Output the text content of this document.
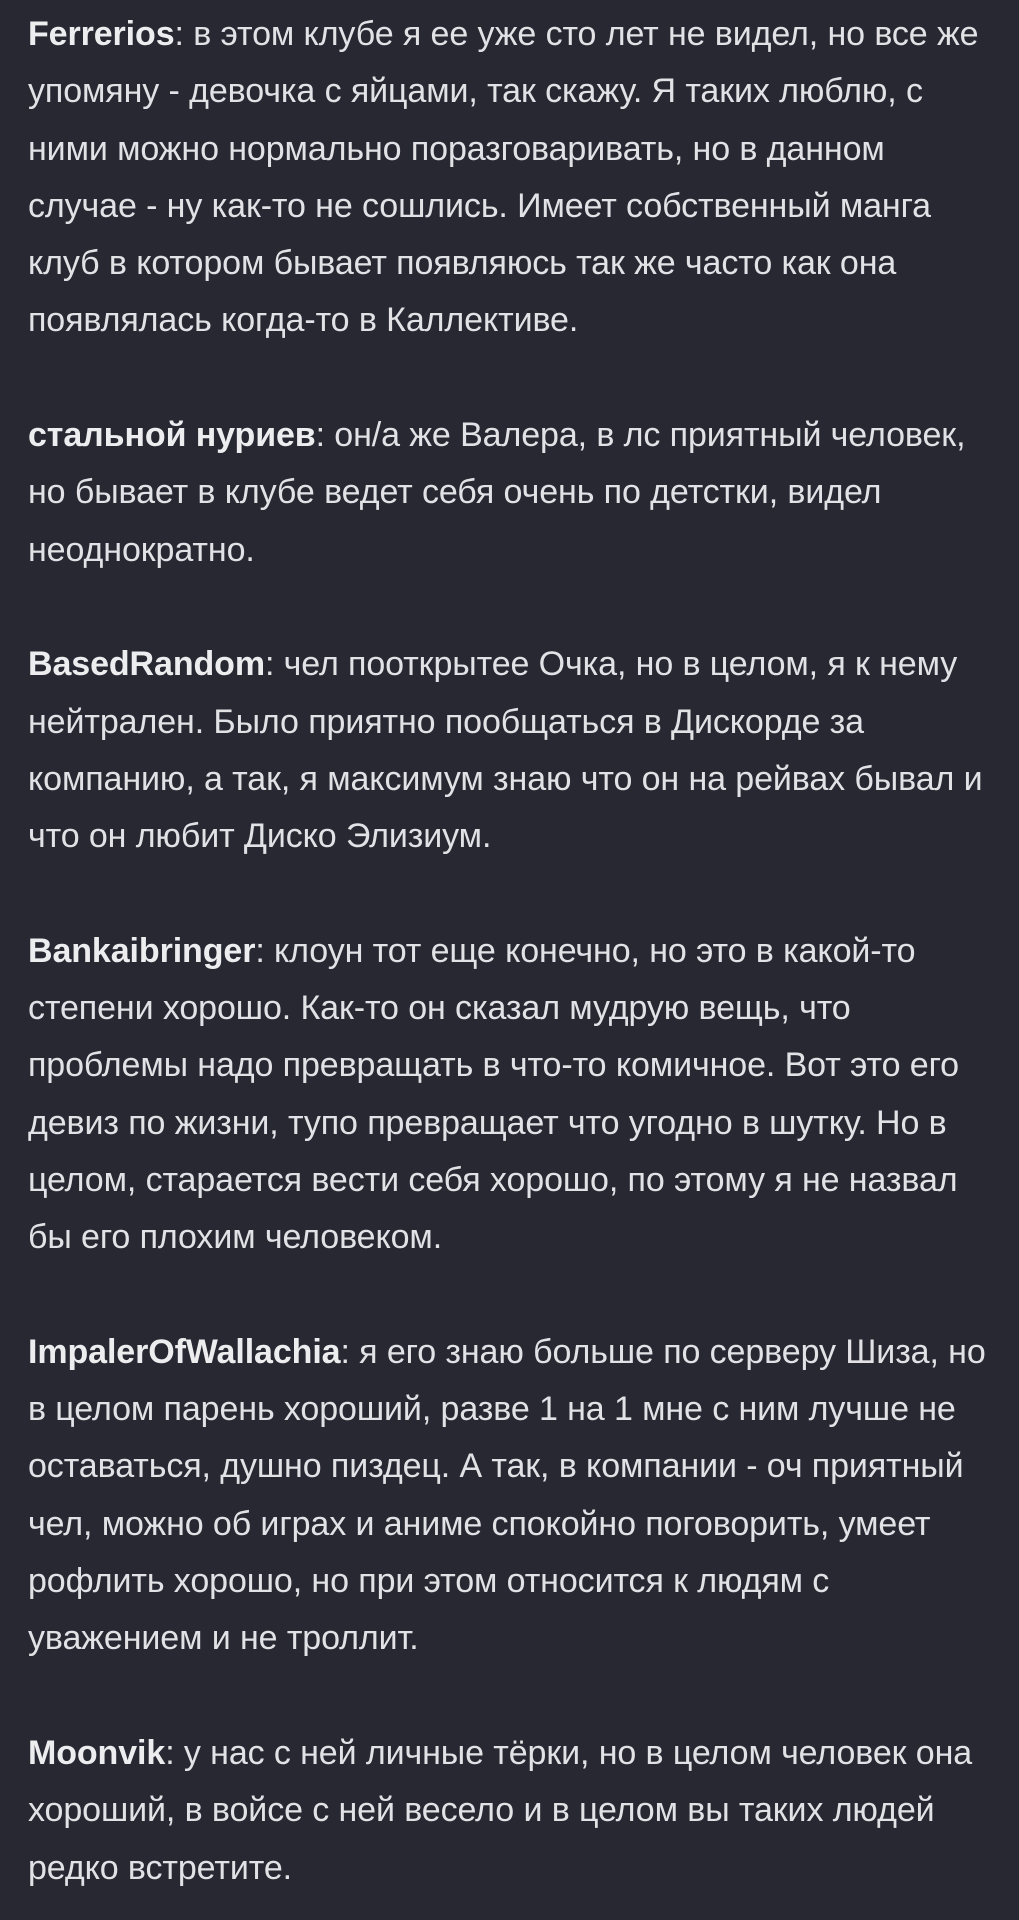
Ferrerios: в этом клубе я ее уже сто лет не видел, но все же упомяну - девочка с яйцами, так скажу. Я таких люблю, с ними можно нормально поразговаривать, но в данном случае - ну как-то не сошлись. Имеет собственный манга клуб в котором бывает появляюсь так же часто как она появлялась когда-то в Каллективе.

стальной нуриев: он/а же Валера, в лс приятный человек, но бывает в клубе ведет себя очень по детстки, видел неоднократно.

BasedRandom: чел пооткрытее Очка, но в целом, я к нему нейтрален. Было приятно пообщаться в Дискорде за компанию, а так, я максимум знаю что он на рейвах бывал и что он любит Диско Элизиум.

Bankaibringer: клоун тот еще конечно, но это в какой-то степени хорошо. Как-то он сказал мудрую вещь, что проблемы надо превращать в что-то комичное. Вот это его девиз по жизни, тупо превращает что угодно в шутку. Но в целом, старается вести себя хорошо, по этому я не назвал бы его плохим человеком.

ImpalerOfWallachia: я его знаю больше по серверу Шиза, но в целом парень хороший, разве 1 на 1 мне с ним лучше не оставаться, душно пиздец. А так, в компании - оч приятный чел, можно об играх и аниме спокойно поговорить, умеет рофлить хорошо, но при этом относится к людям с уважением и не троллит.

Moonvik: у нас с ней личные тёрки, но в целом человек она хороший, в войсе с ней весело и в целом вы таких людей редко встретите.
